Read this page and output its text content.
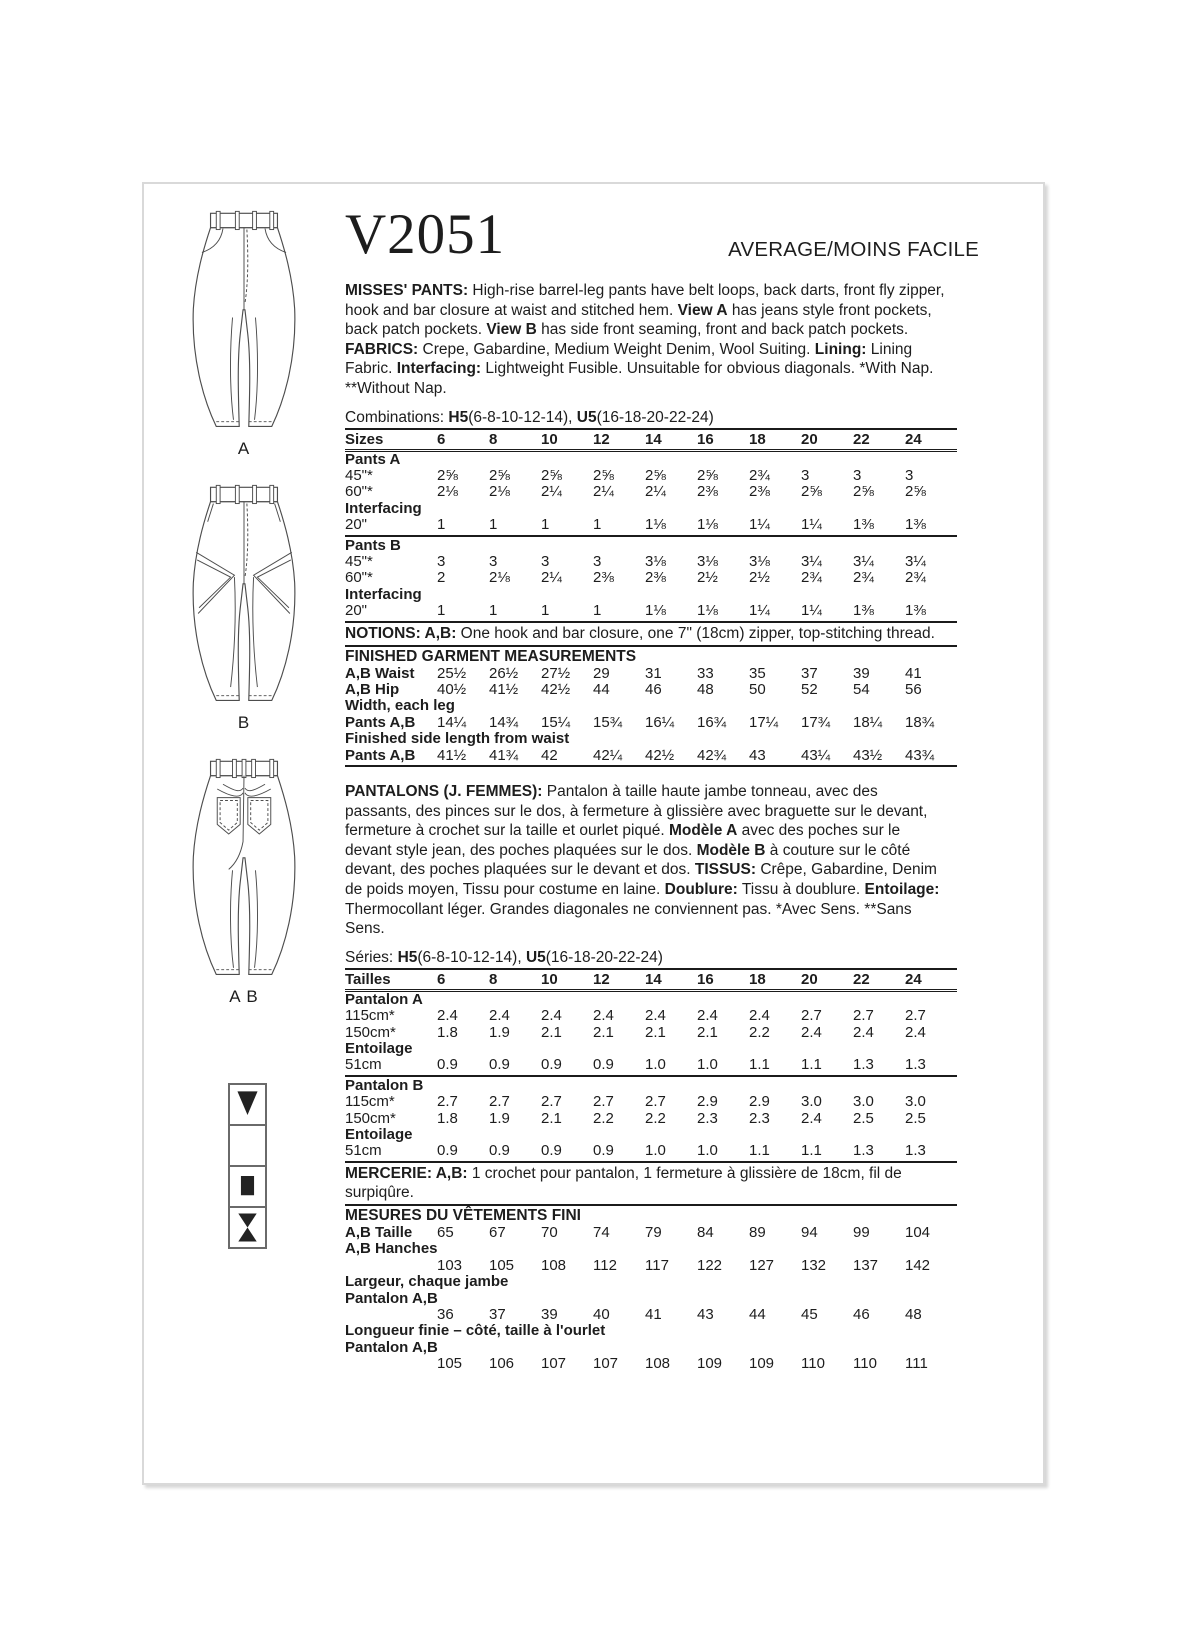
A
B
A B
V2051	AVERAGE/MOINS FACILE

MISSES' PANTS: High-rise barrel-leg pants have belt loops, back darts, front fly zipper, hook and bar closure at waist and stitched hem. View A has jeans style front pockets, back patch pockets. View B has side front seaming, front and back patch pockets. FABRICS: Crepe, Gabardine, Medium Weight Denim, Wool Suiting. Lining: Lining Fabric. Interfacing: Lightweight Fusible. Unsuitable for obvious diagonals. *With Nap. **Without Nap.

Combinations: H5(6-8-10-12-14), U5(16-18-20-22-24)
Sizes	6	8	10	12	14	16	18	20	22	24
Pants A
45"*	2⅝	2⅝	2⅝	2⅝	2⅝	2⅝	2¾	3	3	3
60"*	2⅛	2⅛	2¼	2¼	2¼	2⅜	2⅜	2⅝	2⅝	2⅝
Interfacing
20"	1	1	1	1	1⅛	1⅛	1¼	1¼	1⅜	1⅜
Pants B
45"*	3	3	3	3	3⅛	3⅛	3⅛	3¼	3¼	3¼
60"*	2	2⅛	2¼	2⅜	2⅜	2½	2½	2¾	2¾	2¾
Interfacing
20"	1	1	1	1	1⅛	1⅛	1¼	1¼	1⅜	1⅜
NOTIONS: A,B: One hook and bar closure, one 7" (18cm) zipper, top-stitching thread.
FINISHED GARMENT MEASUREMENTS
A,B Waist	25½	26½	27½	29	31	33	35	37	39	41
A,B Hip	40½	41½	42½	44	46	48	50	52	54	56
Width, each leg
Pants A,B	14¼	14¾	15¼	15¾	16¼	16¾	17¼	17¾	18¼	18¾
Finished side length from waist
Pants A,B	41½	41¾	42	42¼	42½	42¾	43	43¼	43½	43¾

PANTALONS (J. FEMMES): Pantalon à taille haute jambe tonneau, avec des passants, des pinces sur le dos, à fermeture à glissière avec braguette sur le devant, fermeture à crochet sur la taille et ourlet piqué. Modèle A avec des poches sur le devant style jean, des poches plaquées sur le dos. Modèle B à couture sur le côté devant, des poches plaquées sur le devant et dos. TISSUS: Crêpe, Gabardine, Denim de poids moyen, Tissu pour costume en laine. Doublure: Tissu à doublure. Entoilage: Thermocollant léger. Grandes diagonales ne conviennent pas. *Avec Sens. **Sans Sens.

Séries: H5(6-8-10-12-14), U5(16-18-20-22-24)
Tailles	6	8	10	12	14	16	18	20	22	24
Pantalon A
115cm*	2.4	2.4	2.4	2.4	2.4	2.4	2.4	2.7	2.7	2.7
150cm*	1.8	1.9	2.1	2.1	2.1	2.1	2.2	2.4	2.4	2.4
Entoilage
51cm	0.9	0.9	0.9	0.9	1.0	1.0	1.1	1.1	1.3	1.3
Pantalon B
115cm*	2.7	2.7	2.7	2.7	2.7	2.9	2.9	3.0	3.0	3.0
150cm*	1.8	1.9	2.1	2.2	2.2	2.3	2.3	2.4	2.5	2.5
Entoilage
51cm	0.9	0.9	0.9	0.9	1.0	1.0	1.1	1.1	1.3	1.3
MERCERIE: A,B: 1 crochet pour pantalon, 1 fermeture à glissière de 18cm, fil de surpiqûre.
MESURES DU VÊTEMENTS FINI
A,B Taille	65	67	70	74	79	84	89	94	99	104
A,B Hanches
103	105	108	112	117	122	127	132	137	142
Largeur, chaque jambe
Pantalon A,B
36	37	39	40	41	43	44	45	46	48
Longueur finie – côté, taille à l'ourlet
Pantalon A,B
105	106	107	107	108	109	109	110	110	111
